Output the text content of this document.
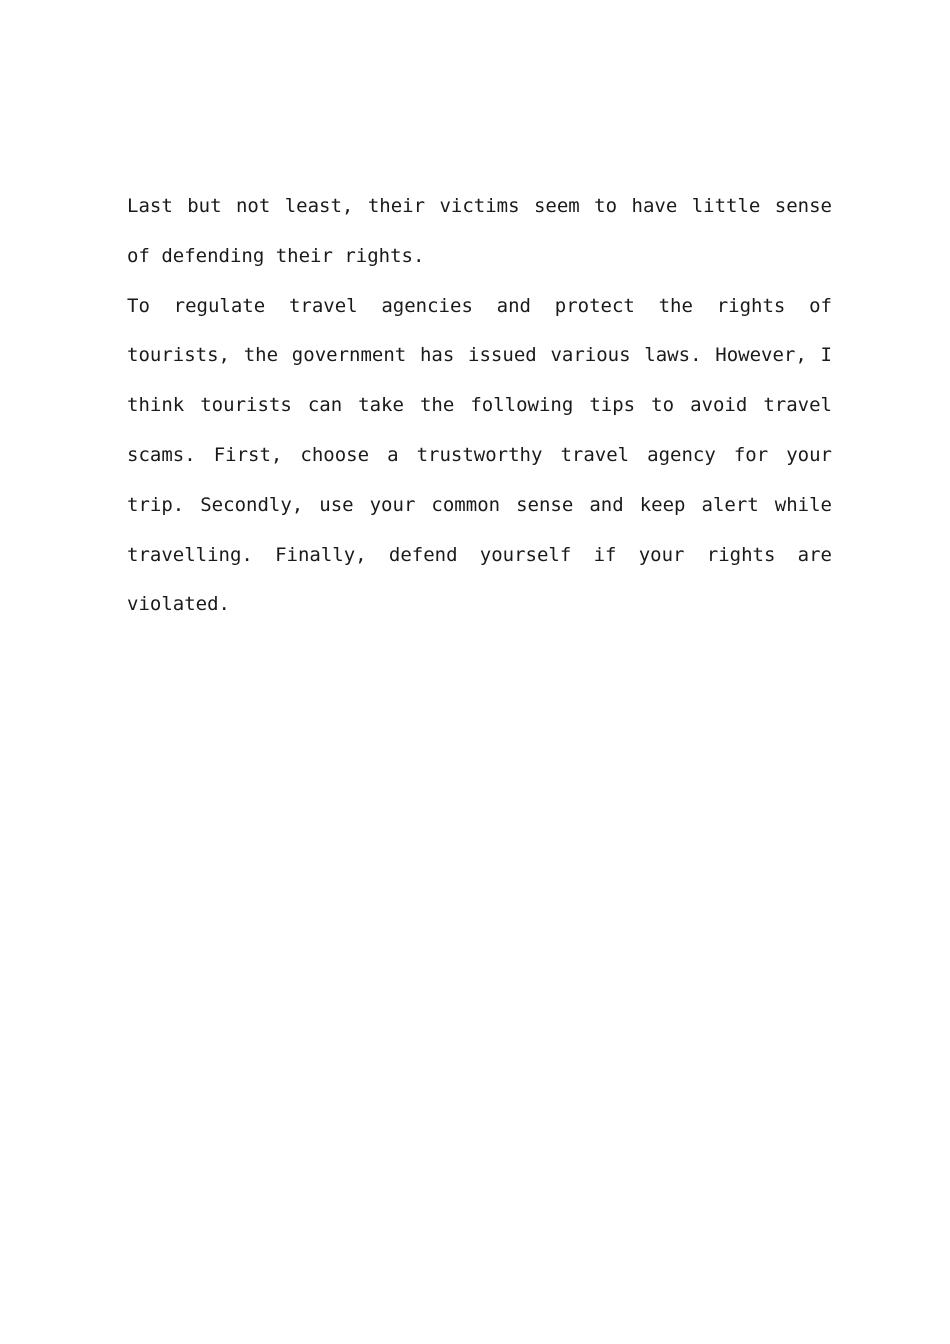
Last but not least, their victims seem to have little sense of defending their rights.

To regulate travel agencies and protect the rights of tourists, the government has issued various laws. However, I think tourists can take the following tips to avoid travel scams. First, choose a trustworthy travel agency for your trip. Secondly, use your common sense and keep alert while travelling. Finally, defend yourself if your rights are violated.
